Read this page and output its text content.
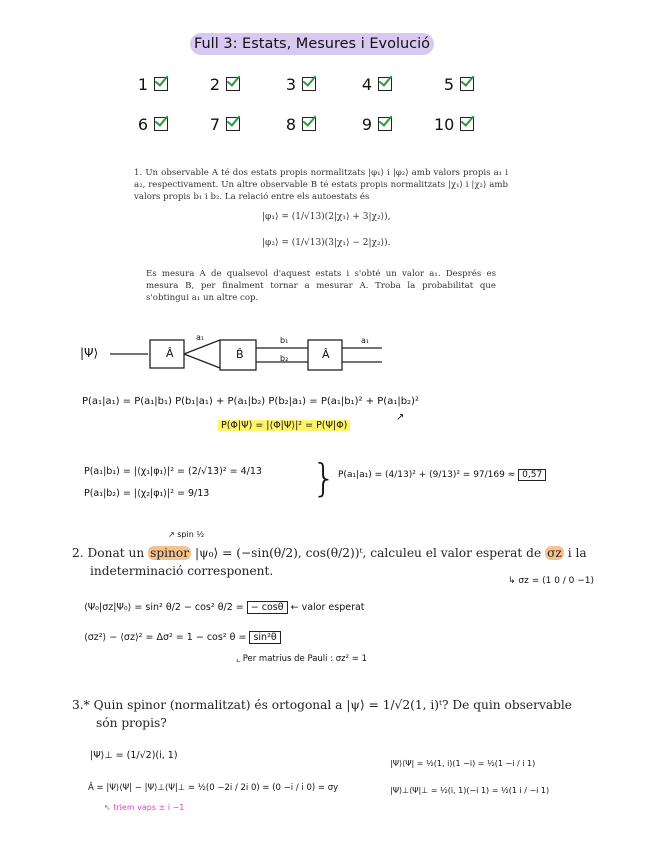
Full 3: Estats, Mesures i Evolució
1	2	3	4	5
6	7	8	9	10
1. Un observable A té dos estats propis normalitzats |φ₁⟩ i |φ₂⟩ amb valors propis a₁ i a₂, respectivament. Un altre observable B té estats propis normalitzats |χ₁⟩ i |χ₂⟩ amb valors propis b₁ i b₂. La relació entre els autoestats és
|φ₁⟩ = (1/√13)(2|χ₁⟩ + 3|χ₂⟩),
|φ₂⟩ = (1/√13)(3|χ₁⟩ − 2|χ₂⟩).
Es mesura A de qualsevol d'aquest estats i s'obté un valor a₁. Després es mesura B, per finalment tornar a mesurar A. Troba la probabilitat que s'obtingui a₁ un altre cop.
|Ψ⟩	Â	B̂	Â
a₁	b₁
b₂
a₁
P(a₁|a₁) = P(a₁|b₁) P(b₁|a₁) + P(a₁|b₂) P(b₂|a₁) = P(a₁|b₁)² + P(a₁|b₂)²
P(Φ|Ψ) = |⟨Φ|Ψ⟩|² = P(Ψ|Φ)
↗
P(a₁|b₁) = |⟨χ₁|φ₁⟩|² = (2/√13)² = 4/13
P(a₁|b₂) = |⟨χ₂|φ₁⟩|² = 9/13	} P(a₁|a₁) = (4/13)² + (9/13)² = 97/169 ≈ 0,57
↗ spin ½
2. Donat un spinor |ψ₀⟩ = (−sin(θ/2), cos(θ/2))ᵗ, calculeu el valor esperat de σz i la
indeterminació corresponent.
↳ σz = (1 0 / 0 −1)
⟨Ψ₀|σz|Ψ₀⟩ = sin² θ/2 − cos² θ/2 = − cosθ ← valor esperat
⟨σz²⟩ − ⟨σz⟩² = Δσ² = 1 − cos² θ = sin²θ
⌞ Per matrius de Pauli : σz² = 1
3.* Quin spinor (normalitzat) és ortogonal a |ψ⟩ = 1/√2(1, i)ᵗ? De quin observable
són propis?
|Ψ⟩⊥ = (1/√2)(i, 1)
Â = |Ψ⟩⟨Ψ| − |Ψ⟩⊥⟨Ψ|⊥ = ½(0 −2i / 2i 0) = (0 −i / i 0) = σy
↖ triem vaps ± i −1
|Ψ⟩⟨Ψ| = ½(1, i)(1 −i) = ½(1 −i / i 1)
|Ψ⟩⊥⟨Ψ|⊥ = ½(i, 1)(−i 1) = ½(1 i / −i 1)
